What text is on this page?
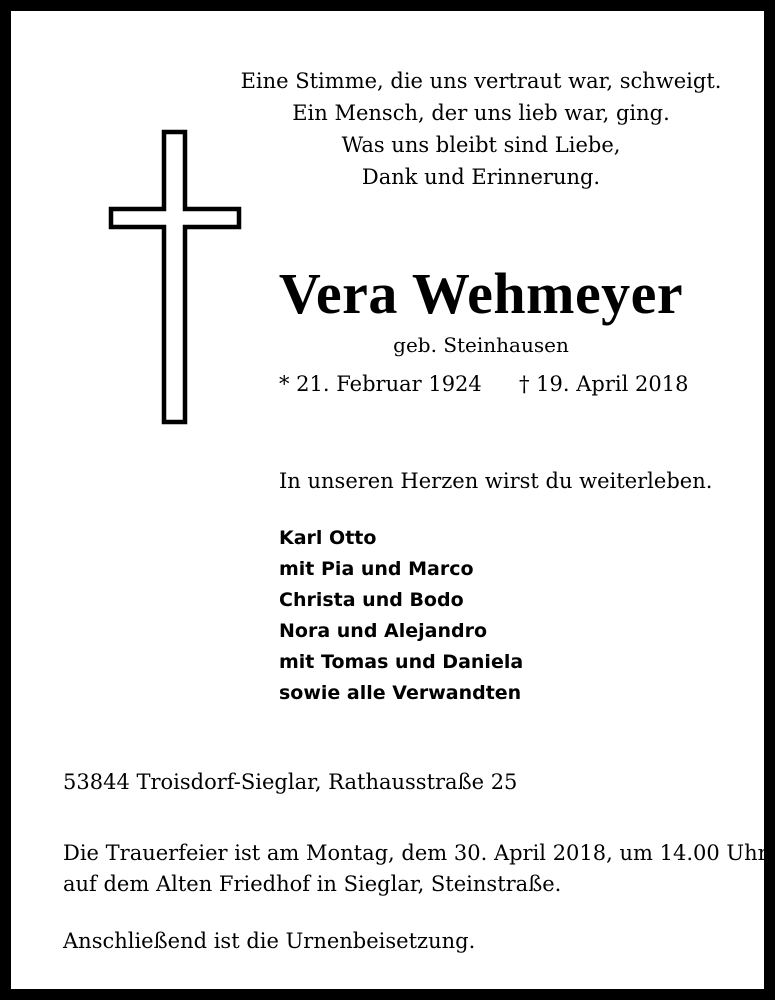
Eine Stimme, die uns vertraut war, schweigt.
Ein Mensch, der uns lieb war, ging.
Was uns bleibt sind Liebe,
Dank und Erinnerung.
Vera Wehmeyer
geb. Steinhausen
* 21. Februar 1924 † 19. April 2018
In unseren Herzen wirst du weiterleben.
Karl Otto
mit Pia und Marco
Christa und Bodo
Nora und Alejandro
mit Tomas und Daniela
sowie alle Verwandten
53844 Troisdorf-Sieglar, Rathausstraße 25
Die Trauerfeier ist am Montag, dem 30. April 2018, um 14.00 Uhr
auf dem Alten Friedhof in Sieglar, Steinstraße.
Anschließend ist die Urnenbeisetzung.
